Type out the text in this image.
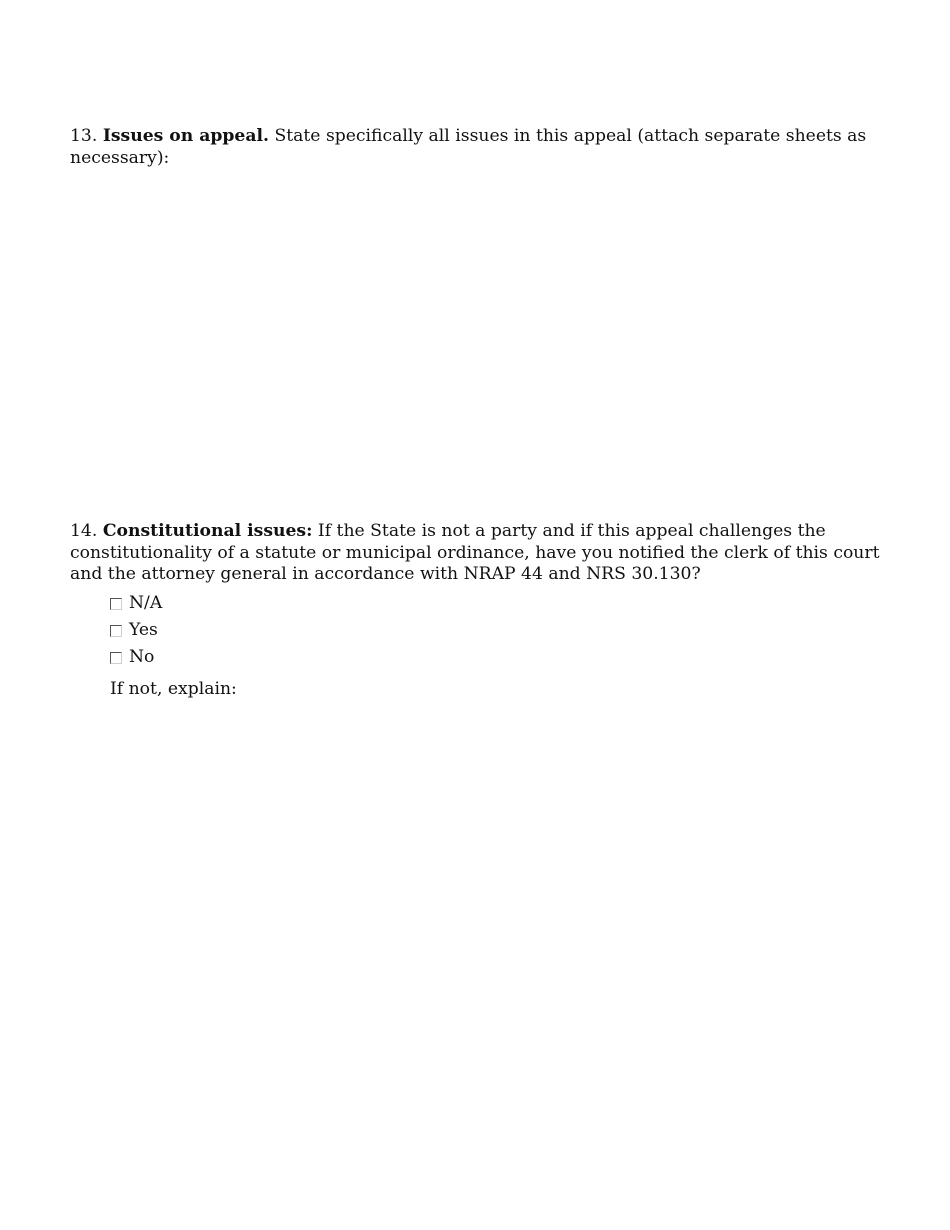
13. Issues on appeal. State specifically all issues in this appeal (attach separate sheets as necessary):

14. Constitutional issues: If the State is not a party and if this appeal challenges the constitutionality of a statute or municipal ordinance, have you notified the clerk of this court and the attorney general in accordance with NRAP 44 and NRS 30.130?

N/A
Yes
No
If not, explain:
